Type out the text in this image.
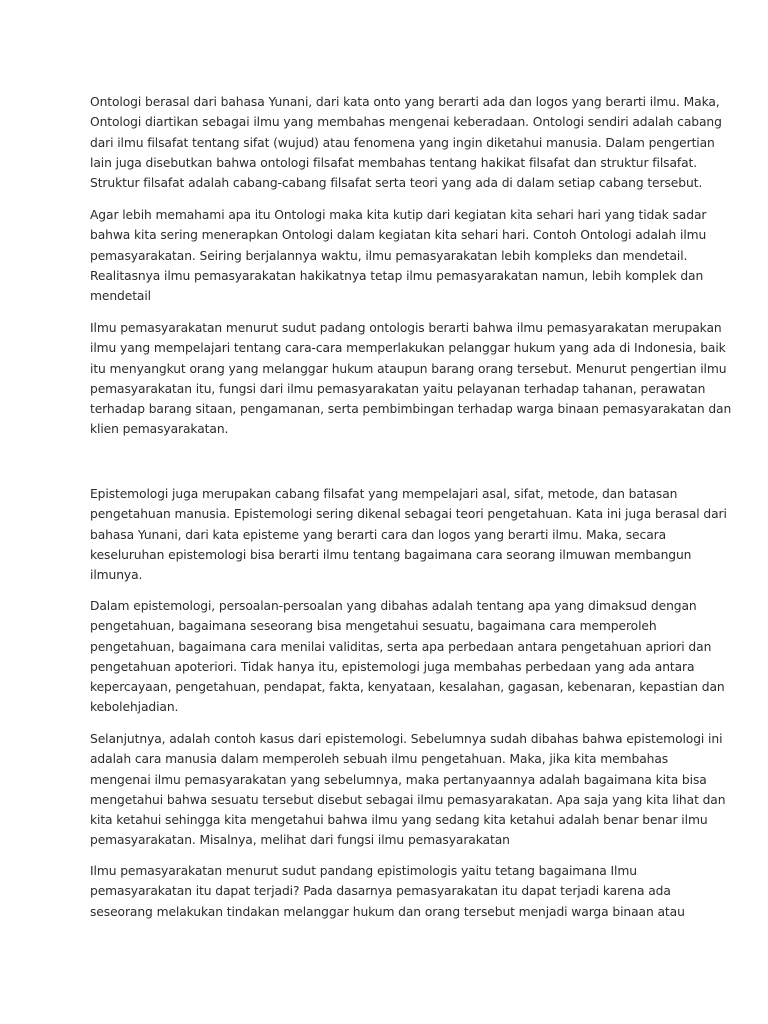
Ontologi berasal dari bahasa Yunani, dari kata onto yang berarti ada dan logos yang berarti ilmu. Maka,
Ontologi diartikan sebagai ilmu yang membahas mengenai keberadaan. Ontologi sendiri adalah cabang
dari ilmu filsafat tentang sifat (wujud) atau fenomena yang ingin diketahui manusia. Dalam pengertian
lain juga disebutkan bahwa ontologi filsafat membahas tentang hakikat filsafat dan struktur filsafat.
Struktur filsafat adalah cabang-cabang filsafat serta teori yang ada di dalam setiap cabang tersebut.

Agar lebih memahami apa itu Ontologi maka kita kutip dari kegiatan kita sehari hari yang tidak sadar
bahwa kita sering menerapkan Ontologi dalam kegiatan kita sehari hari. Contoh Ontologi adalah ilmu
pemasyarakatan. Seiring berjalannya waktu, ilmu pemasyarakatan lebih kompleks dan mendetail.
Realitasnya ilmu pemasyarakatan hakikatnya tetap ilmu pemasyarakatan namun, lebih komplek dan
mendetail

Ilmu pemasyarakatan menurut sudut padang ontologis berarti bahwa ilmu pemasyarakatan merupakan
ilmu yang mempelajari tentang cara-cara memperlakukan pelanggar hukum yang ada di Indonesia, baik
itu menyangkut orang yang melanggar hukum ataupun barang orang tersebut. Menurut pengertian ilmu
pemasyarakatan itu, fungsi dari ilmu pemasyarakatan yaitu pelayanan terhadap tahanan, perawatan
terhadap barang sitaan, pengamanan, serta pembimbingan terhadap warga binaan pemasyarakatan dan
klien pemasyarakatan.

Epistemologi juga merupakan cabang filsafat yang mempelajari asal, sifat, metode, dan batasan
pengetahuan manusia. Epistemologi sering dikenal sebagai teori pengetahuan. Kata ini juga berasal dari
bahasa Yunani, dari kata episteme yang berarti cara dan logos yang berarti ilmu. Maka, secara
keseluruhan epistemologi bisa berarti ilmu tentang bagaimana cara seorang ilmuwan membangun
ilmunya.

Dalam epistemologi, persoalan-persoalan yang dibahas adalah tentang apa yang dimaksud dengan
pengetahuan, bagaimana seseorang bisa mengetahui sesuatu, bagaimana cara memperoleh
pengetahuan, bagaimana cara menilai validitas, serta apa perbedaan antara pengetahuan apriori dan
pengetahuan apoteriori. Tidak hanya itu, epistemologi juga membahas perbedaan yang ada antara
kepercayaan, pengetahuan, pendapat, fakta, kenyataan, kesalahan, gagasan, kebenaran, kepastian dan
kebolehjadian.

Selanjutnya, adalah contoh kasus dari epistemologi. Sebelumnya sudah dibahas bahwa epistemologi ini
adalah cara manusia dalam memperoleh sebuah ilmu pengetahuan. Maka, jika kita membahas
mengenai ilmu pemasyarakatan yang sebelumnya, maka pertanyaannya adalah bagaimana kita bisa
mengetahui bahwa sesuatu tersebut disebut sebagai ilmu pemasyarakatan. Apa saja yang kita lihat dan
kita ketahui sehingga kita mengetahui bahwa ilmu yang sedang kita ketahui adalah benar benar ilmu
pemasyarakatan. Misalnya, melihat dari fungsi ilmu pemasyarakatan

Ilmu pemasyarakatan menurut sudut pandang epistimologis yaitu tetang bagaimana Ilmu
pemasyarakatan itu dapat terjadi? Pada dasarnya pemasyarakatan itu dapat terjadi karena ada
seseorang melakukan tindakan melanggar hukum dan orang tersebut menjadi warga binaan atau
